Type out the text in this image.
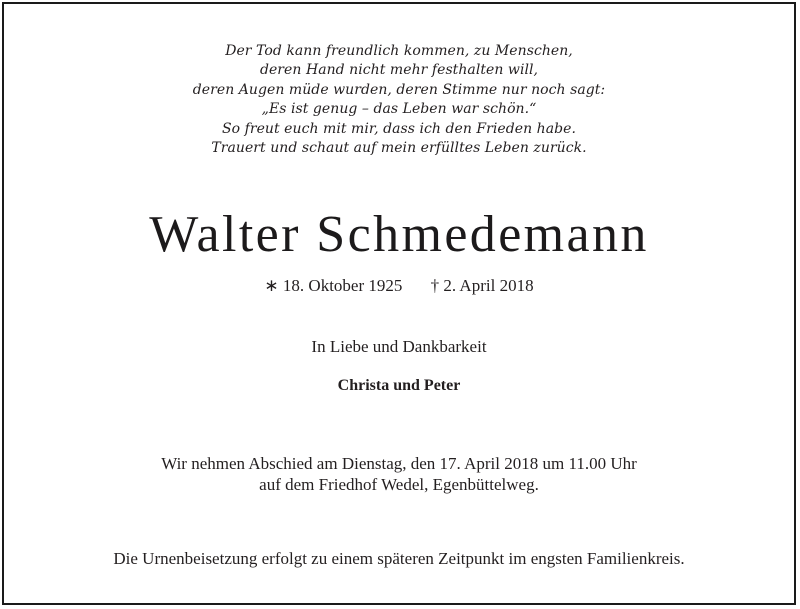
Der Tod kann freundlich kommen, zu Menschen,
deren Hand nicht mehr festhalten will,
deren Augen müde wurden, deren Stimme nur noch sagt:
„Es ist genug – das Leben war schön.“
So freut euch mit mir, dass ich den Frieden habe.
Trauert und schaut auf mein erfülltes Leben zurück.
Walter Schmedemann
∗ 18. Oktober 1925 † 2. April 2018
In Liebe und Dankbarkeit
Christa und Peter
Wir nehmen Abschied am Dienstag, den 17. April 2018 um 11.00 Uhr
auf dem Friedhof Wedel, Egenbüttelweg.
Die Urnenbeisetzung erfolgt zu einem späteren Zeitpunkt im engsten Familienkreis.
